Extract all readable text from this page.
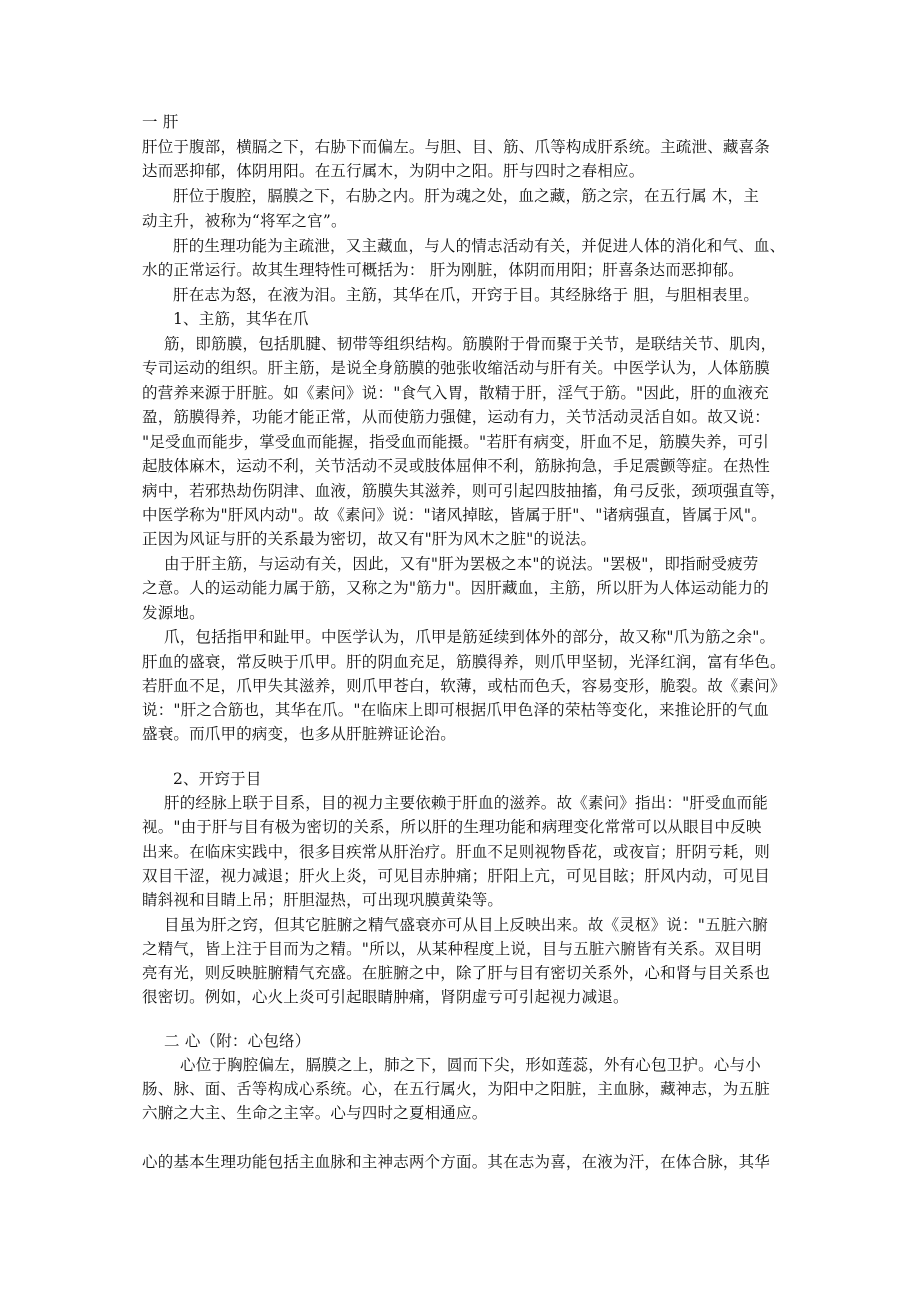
一 肝
肝位于腹部，横膈之下，右胁下而偏左。与胆、目、筋、爪等构成肝系统。主疏泄、藏喜条
达而恶抑郁，体阴用阳。在五行属木，为阴中之阳。肝与四时之春相应。
肝位于腹腔，膈膜之下，右胁之内。肝为魂之处，血之藏，筋之宗，在五行属 木，主
动主升，被称为“将军之官”。
肝的生理功能为主疏泄，又主藏血，与人的情志活动有关，并促进人体的消化和气、血、
水的正常运行。故其生理特性可概括为： 肝为刚脏，体阴而用阳；肝喜条达而恶抑郁。
肝在志为怒，在液为泪。主筋，其华在爪，开窍于目。其经脉络于 胆，与胆相表里。
1、主筋，其华在爪
筋，即筋膜，包括肌腱、韧带等组织结构。筋膜附于骨而聚于关节，是联结关节、肌肉，
专司运动的组织。肝主筋，是说全身筋膜的弛张收缩活动与肝有关。中医学认为，人体筋膜
的营养来源于肝脏。如《素问》说："食气入胃，散精于肝，淫气于筋。"因此，肝的血液充
盈，筋膜得养，功能才能正常，从而使筋力强健，运动有力，关节活动灵活自如。故又说：
"足受血而能步，掌受血而能握，指受血而能摄。"若肝有病变，肝血不足，筋膜失养，可引
起肢体麻木，运动不利，关节活动不灵或肢体屈伸不利，筋脉拘急，手足震颤等症。在热性
病中，若邪热劫伤阴津、血液，筋膜失其滋养，则可引起四肢抽搐，角弓反张，颈项强直等，
中医学称为"肝风内动"。故《素问》说："诸风掉眩，皆属于肝"、"诸病强直，皆属于风"。
正因为风证与肝的关系最为密切，故又有"肝为风木之脏"的说法。
由于肝主筋，与运动有关，因此，又有"肝为罢极之本"的说法。"罢极"，即指耐受疲劳
之意。人的运动能力属于筋，又称之为"筋力"。因肝藏血，主筋，所以肝为人体运动能力的
发源地。
爪，包括指甲和趾甲。中医学认为，爪甲是筋延续到体外的部分，故又称"爪为筋之余"。
肝血的盛衰，常反映于爪甲。肝的阴血充足，筋膜得养，则爪甲坚韧，光泽红润，富有华色。
若肝血不足，爪甲失其滋养，则爪甲苍白，软薄，或枯而色夭，容易变形，脆裂。故《素问》
说："肝之合筋也，其华在爪。"在临床上即可根据爪甲色泽的荣枯等变化，来推论肝的气血
盛衰。而爪甲的病变，也多从肝脏辨证论治。
2、开窍于目
肝的经脉上联于目系，目的视力主要依赖于肝血的滋养。故《素问》指出："肝受血而能
视。"由于肝与目有极为密切的关系，所以肝的生理功能和病理变化常常可以从眼目中反映
出来。在临床实践中，很多目疾常从肝治疗。肝血不足则视物昏花，或夜盲；肝阴亏耗，则
双目干涩，视力减退；肝火上炎，可见目赤肿痛；肝阳上亢，可见目眩；肝风内动，可见目
睛斜视和目睛上吊；肝胆湿热，可出现巩膜黄染等。
目虽为肝之窍，但其它脏腑之精气盛衰亦可从目上反映出来。故《灵枢》说："五脏六腑
之精气，皆上注于目而为之精。"所以，从某种程度上说，目与五脏六腑皆有关系。双目明
亮有光，则反映脏腑精气充盛。在脏腑之中，除了肝与目有密切关系外，心和肾与目关系也
很密切。例如，心火上炎可引起眼睛肿痛，肾阴虚亏可引起视力减退。
二 心（附：心包络）
心位于胸腔偏左，膈膜之上，肺之下，圆而下尖，形如莲蕊，外有心包卫护。心与小
肠、脉、面、舌等构成心系统。心，在五行属火，为阳中之阳脏，主血脉，藏神志，为五脏
六腑之大主、生命之主宰。心与四时之夏相通应。
心的基本生理功能包括主血脉和主神志两个方面。其在志为喜，在液为汗，在体合脉，其华
